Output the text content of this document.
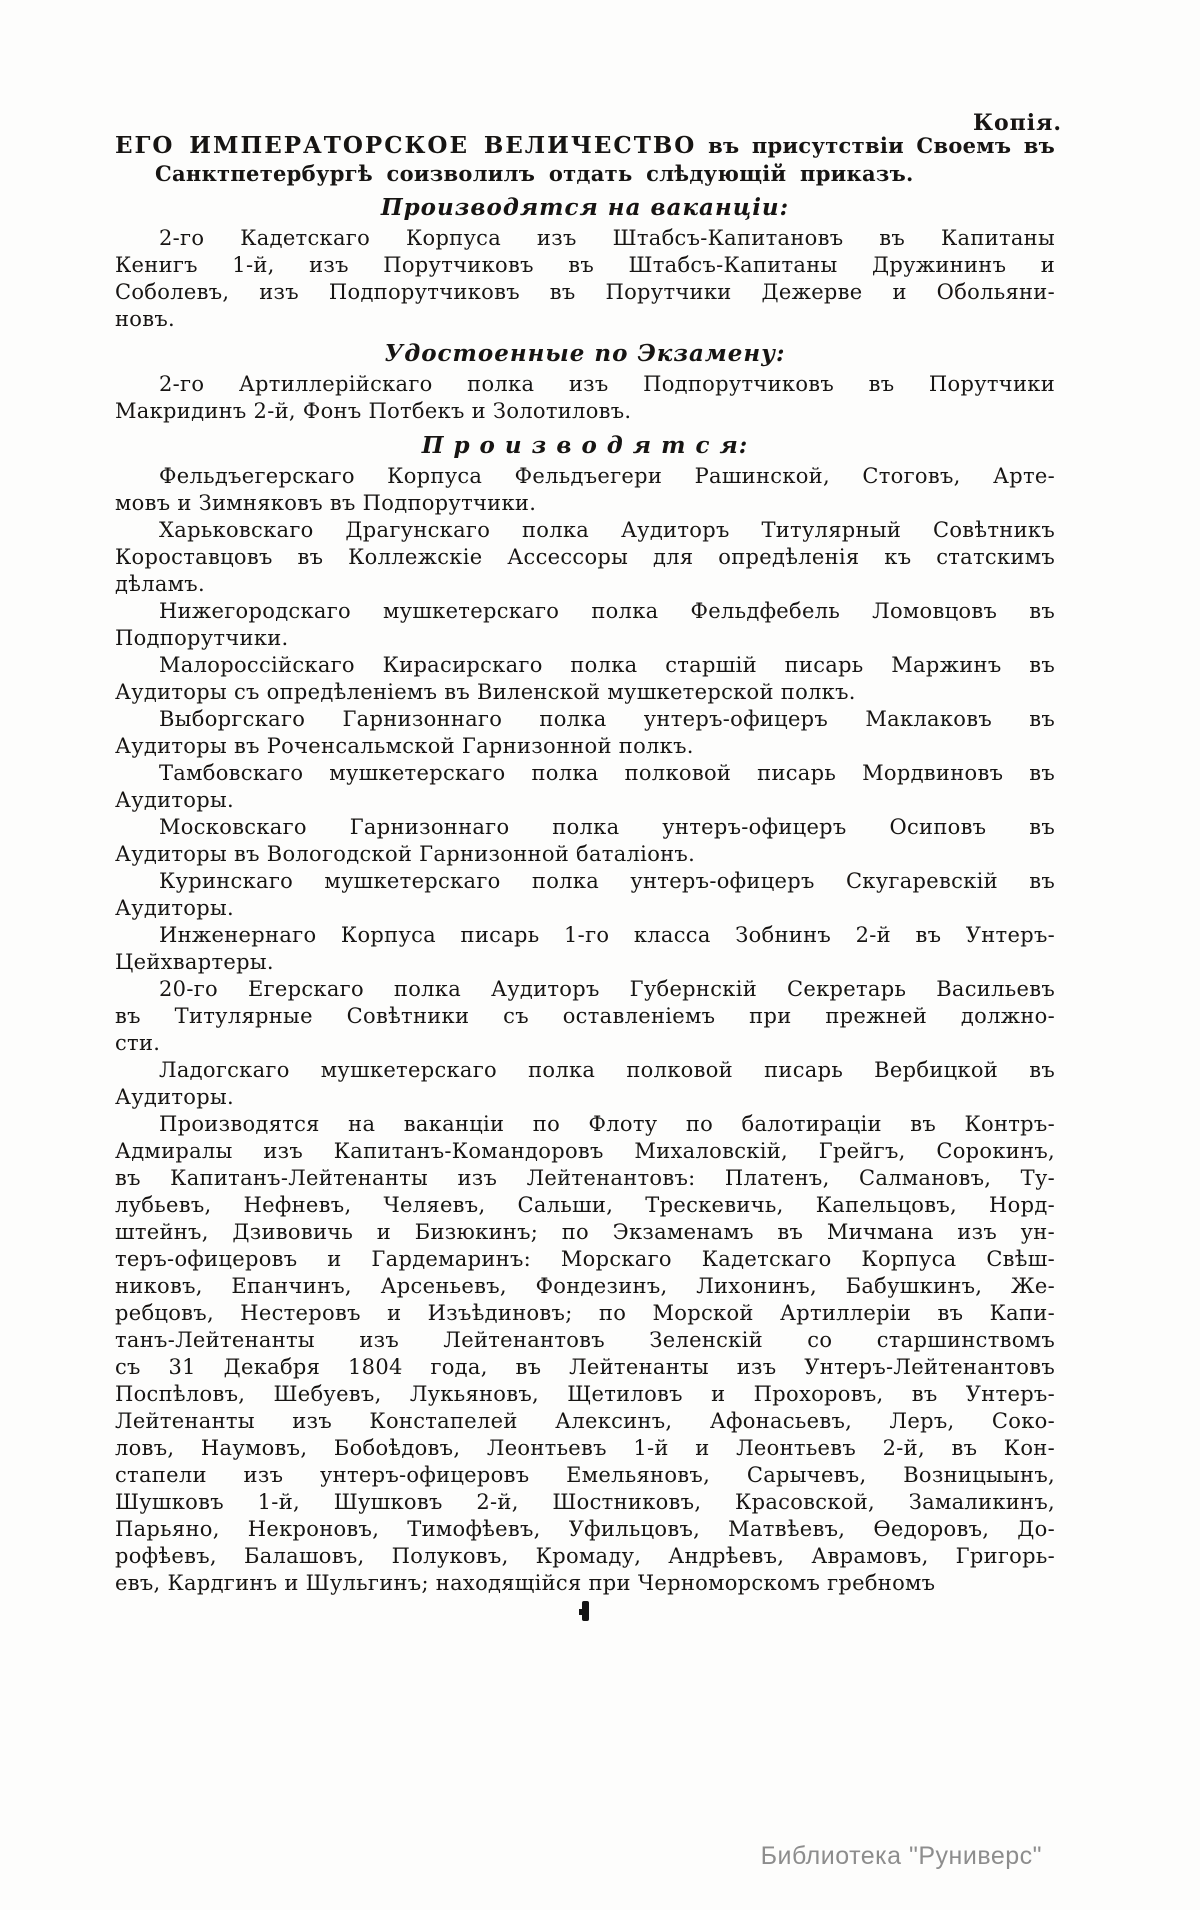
Копія.
ЕГО ИМПЕРАТОРСКОЕ ВЕЛИЧЕСТВО въ присутствіи Своемъ въ
Санктпетербургѣ соизволилъ отдать слѣдующій приказъ.
Производятся на ваканціи:
2-го Кадетскаго Корпуса изъ Штабсъ-Капитановъ въ Капитаны
Кенигъ 1-й, изъ Порутчиковъ въ Штабсъ-Капитаны Дружининъ и
Соболевъ, изъ Подпорутчиковъ въ Порутчики Дежерве и Обольяни-
новъ.
Удостоенные по Экзамену:
2-го Артиллерійскаго полка изъ Подпорутчиковъ въ Порутчики
Макридинъ 2-й, Фонъ Потбекъ и Золотиловъ.
П р о и з в о д я т с я:
Фельдъегерскаго Корпуса Фельдъегери Рашинской, Стоговъ, Арте-
мовъ и Зимняковъ въ Подпорутчики.
Харьковскаго Драгунскаго полка Аудиторъ Титулярный Совѣтникъ
Короставцовъ въ Коллежскіе Ассессоры для опредѣленія къ статскимъ
дѣламъ.
Нижегородскаго мушкетерскаго полка Фельдфебель Ломовцовъ въ
Подпорутчики.
Малороссійскаго Кирасирскаго полка старшій писарь Маржинъ въ
Аудиторы съ опредѣленіемъ въ Виленской мушкетерской полкъ.
Выборгскаго Гарнизоннаго полка унтеръ-офицеръ Маклаковъ въ
Аудиторы въ Роченсальмской Гарнизонной полкъ.
Тамбовскаго мушкетерскаго полка полковой писарь Мордвиновъ въ
Аудиторы.
Московскаго Гарнизоннаго полка унтеръ-офицеръ Осиповъ въ
Аудиторы въ Вологодской Гарнизонной баталіонъ.
Куринскаго мушкетерскаго полка унтеръ-офицеръ Скугаревскій въ
Аудиторы.
Инженернаго Корпуса писарь 1-го класса Зобнинъ 2-й въ Унтеръ-
Цейхвартеры.
20-го Егерскаго полка Аудиторъ Губернскій Секретарь Васильевъ
въ Титулярные Совѣтники съ оставленіемъ при прежней должно-
сти.
Ладогскаго мушкетерскаго полка полковой писарь Вербицкой въ
Аудиторы.
Производятся на ваканціи по Флоту по балотираціи въ Контръ-
Адмиралы изъ Капитанъ-Командоровъ Михаловскій, Грейгъ, Сорокинъ,
въ Капитанъ-Лейтенанты изъ Лейтенантовъ: Платенъ, Салмановъ, Ту-
лубьевъ, Нефневъ, Челяевъ, Сальши, Трескевичь, Капельцовъ, Норд-
штейнъ, Дзивовичь и Бизюкинъ; по Экзаменамъ въ Мичмана изъ ун-
теръ-офицеровъ и Гардемаринъ: Морскаго Кадетскаго Корпуса Свѣш-
никовъ, Епанчинъ, Арсеньевъ, Фондезинъ, Лихонинъ, Бабушкинъ, Же-
ребцовъ, Нестеровъ и Изъѣдиновъ; по Морской Артиллеріи въ Капи-
танъ-Лейтенанты изъ Лейтенантовъ Зеленскій со старшинствомъ
съ 31 Декабря 1804 года, въ Лейтенанты изъ Унтеръ-Лейтенантовъ
Поспѣловъ, Шебуевъ, Лукьяновъ, Щетиловъ и Прохоровъ, въ Унтеръ-
Лейтенанты изъ Констапелей Алексинъ, Афонасьевъ, Леръ, Соко-
ловъ, Наумовъ, Бобоѣдовъ, Леонтьевъ 1-й и Леонтьевъ 2-й, въ Кон-
стапели изъ унтеръ-офицеровъ Емельяновъ, Сарычевъ, Возницыынъ,
Шушковъ 1-й, Шушковъ 2-й, Шостниковъ, Красовской, Замаликинъ,
Парьяно, Некроновъ, Тимофѣевъ, Уфильцовъ, Матвѣевъ, Ѳедоровъ, До-
рофѣевъ, Балашовъ, Полуковъ, Кромаду, Андрѣевъ, Аврамовъ, Григорь-
евъ, Кардгинъ и Шульгинъ; находящійся при Черноморскомъ гребномъ
Библиотека "Руниверс"
